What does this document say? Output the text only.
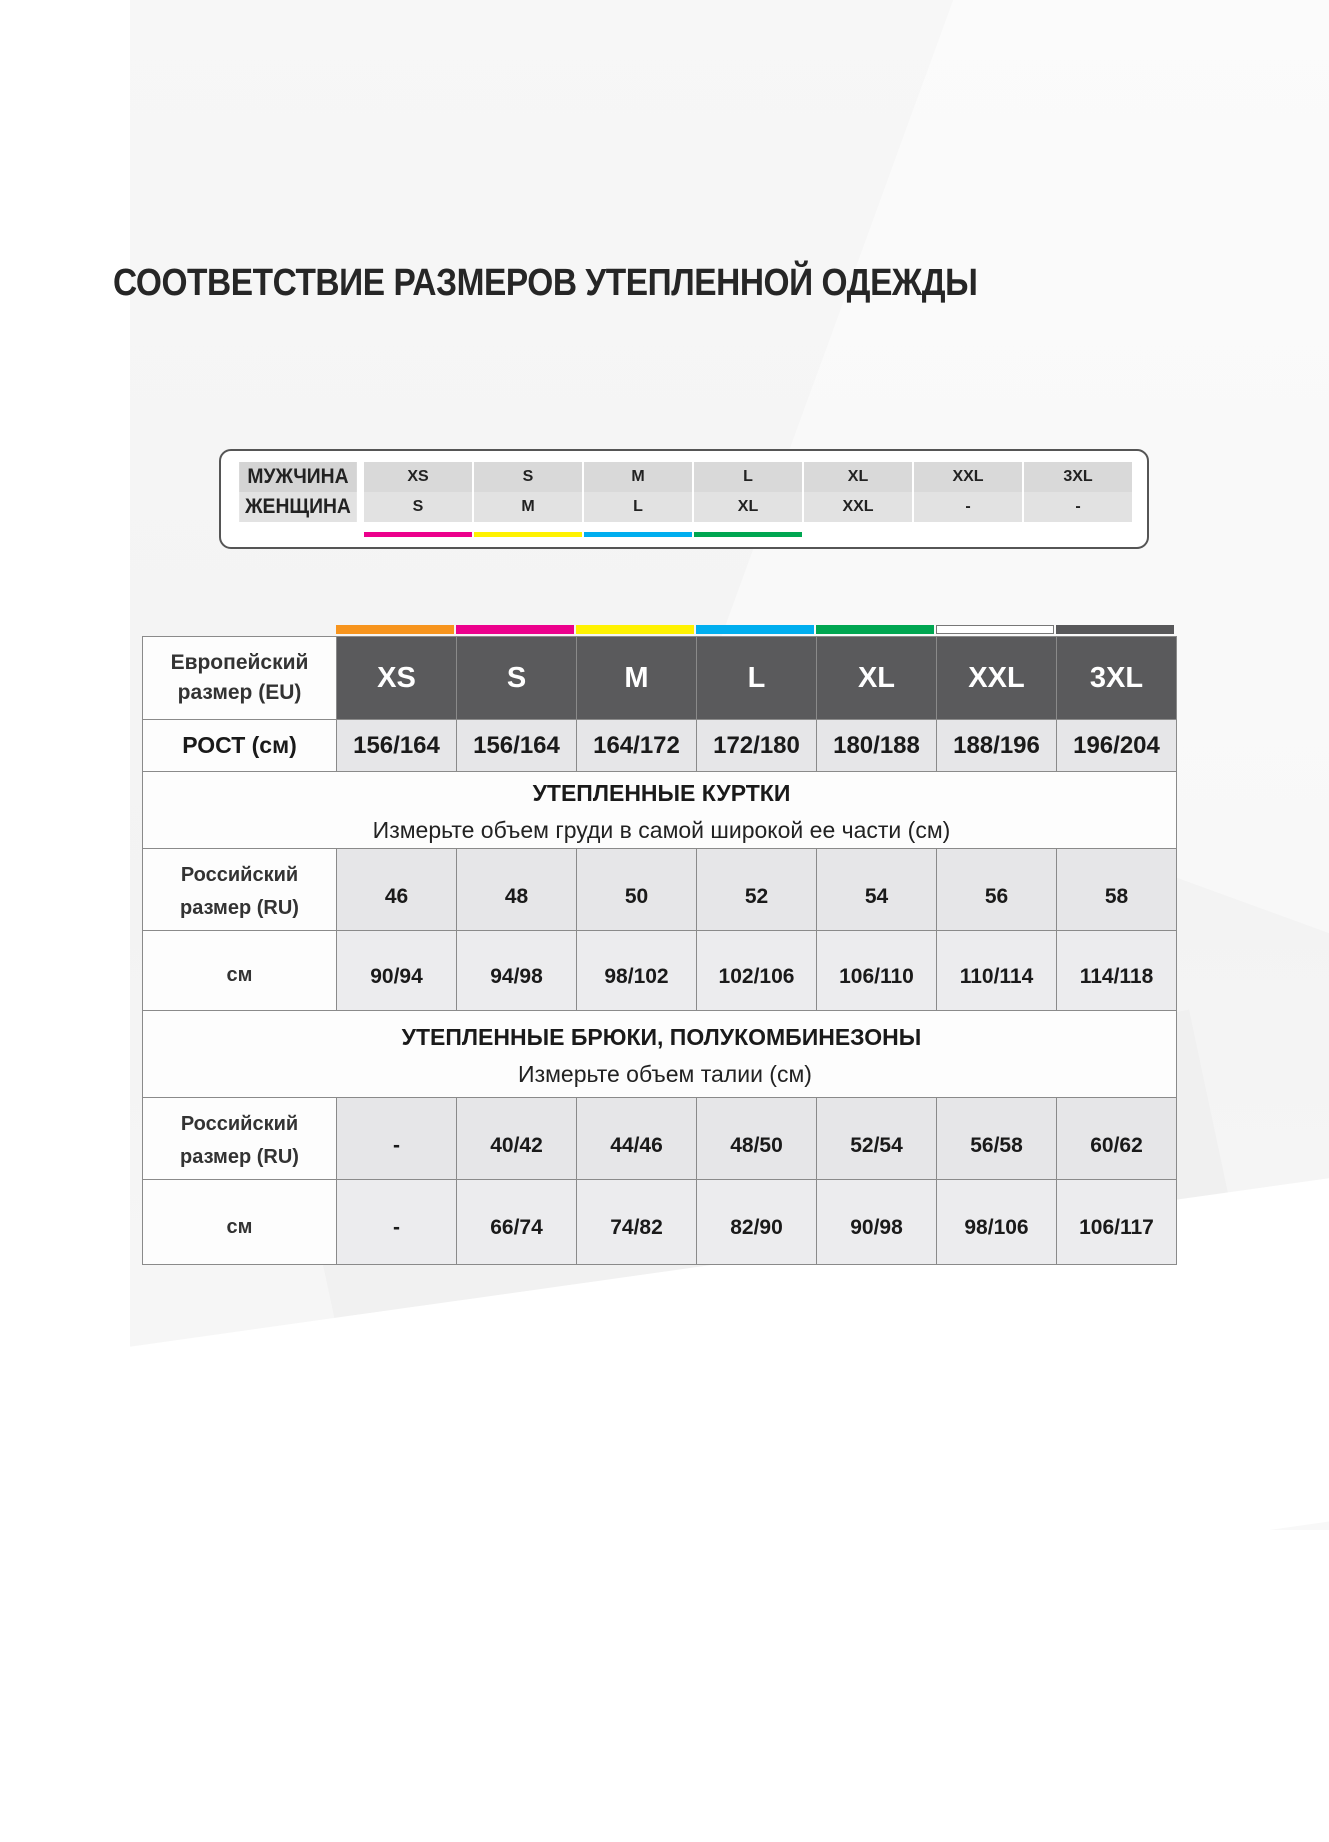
СООТВЕТСТВИЕ РАЗМЕРОВ УТЕПЛЕННОЙ ОДЕЖДЫ
МУЖЧИНА	XS	S	M	L	XL	XXL	3XL
ЖЕНЩИНА	S	M	L	XL	XXL	-	-
Европейский
размер (EU)	XS	S	M	L	XL	XXL	3XL
РОСТ (см)	156/164	156/164	164/172	172/180	180/188	188/196	196/204

УТЕПЛЕННЫЕ КУРТКИ
Измерьте объем груди в самой широкой ее части (см)							

Российский
размер (RU)	46	48	50	52	54	56	58
см	90/94	94/98	98/102	102/106	106/110	110/114	114/118

УТЕПЛЕННЫЕ БРЮКИ, ПОЛУКОМБИНЕЗОНЫ
Измерьте объем талии (см)							

Российский
размер (RU)	-	40/42	44/46	48/50	52/54	56/58	60/62
см	-	66/74	74/82	82/90	90/98	98/106	106/117
